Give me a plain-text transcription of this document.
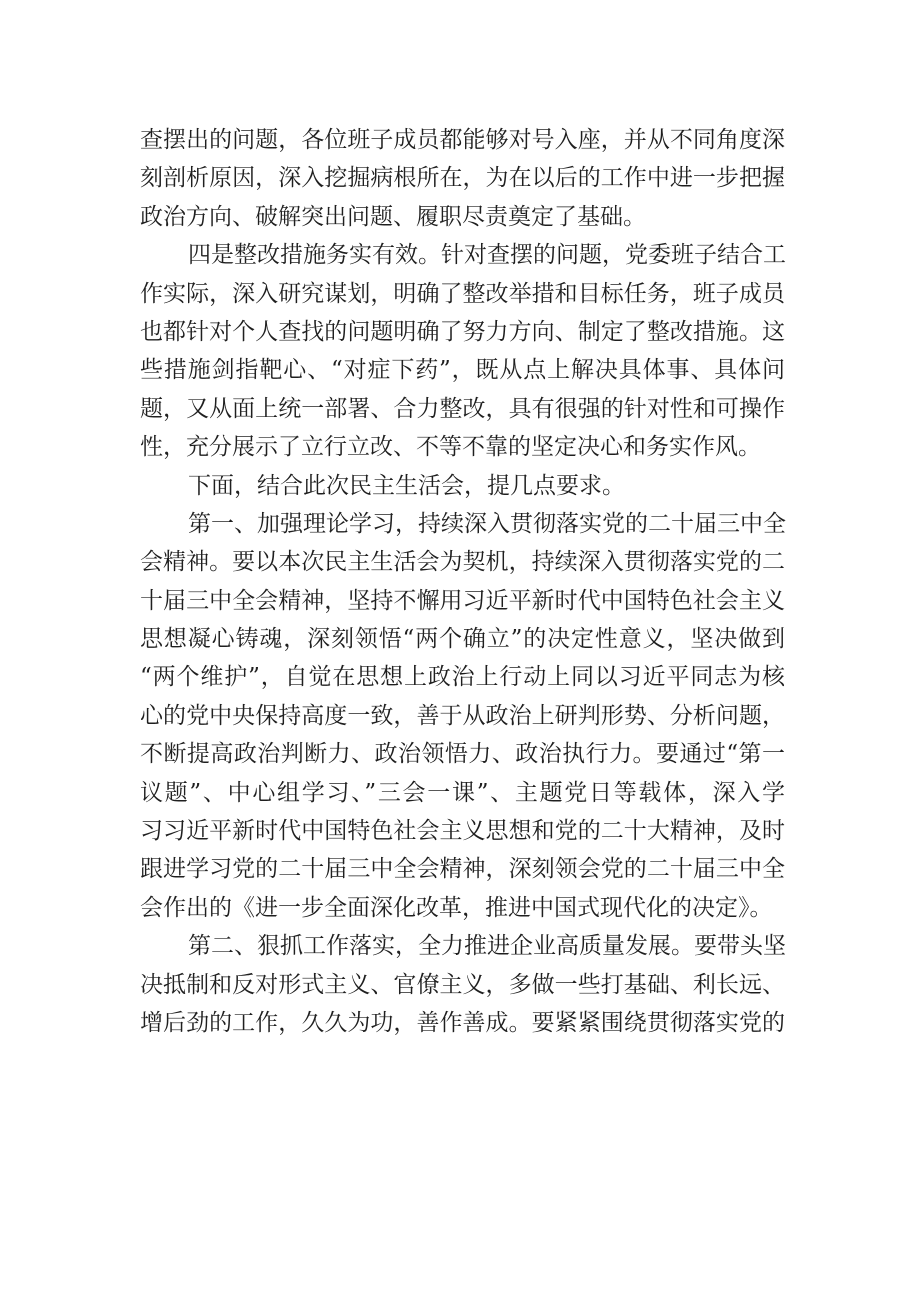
查摆出的问题，各位班子成员都能够对号入座，并从不同角度深
刻剖析原因，深入挖掘病根所在，为在以后的工作中进一步把握
政治方向、破解突出问题、履职尽责奠定了基础。
四是整改措施务实有效。针对查摆的问题，党委班子结合工
作实际，深入研究谋划，明确了整改举措和目标任务，班子成员
也都针对个人查找的问题明确了努力方向、制定了整改措施。这
些措施剑指靶心、“对症下药”，既从点上解决具体事、具体问
题，又从面上统一部署、合力整改，具有很强的针对性和可操作
性，充分展示了立行立改、不等不靠的坚定决心和务实作风。
下面，结合此次民主生活会，提几点要求。
第一、加强理论学习，持续深入贯彻落实党的二十届三中全
会精神。要以本次民主生活会为契机，持续深入贯彻落实党的二
十届三中全会精神，坚持不懈用习近平新时代中国特色社会主义
思想凝心铸魂，深刻领悟“两个确立”的决定性意义，坚决做到
“两个维护”，自觉在思想上政治上行动上同以习近平同志为核
心的党中央保持高度一致，善于从政治上研判形势、分析问题，
不断提高政治判断力、政治领悟力、政治执行力。要通过“第一
议题”、中心组学习、”三会一课”、主题党日等载体，深入学
习习近平新时代中国特色社会主义思想和党的二十大精神，及时
跟进学习党的二十届三中全会精神，深刻领会党的二十届三中全
会作出的《进一步全面深化改革，推进中国式现代化的决定》。
第二、狠抓工作落实，全力推进企业高质量发展。要带头坚
决抵制和反对形式主义、官僚主义，多做一些打基础、利长远、
增后劲的工作，久久为功，善作善成。要紧紧围绕贯彻落实党的
